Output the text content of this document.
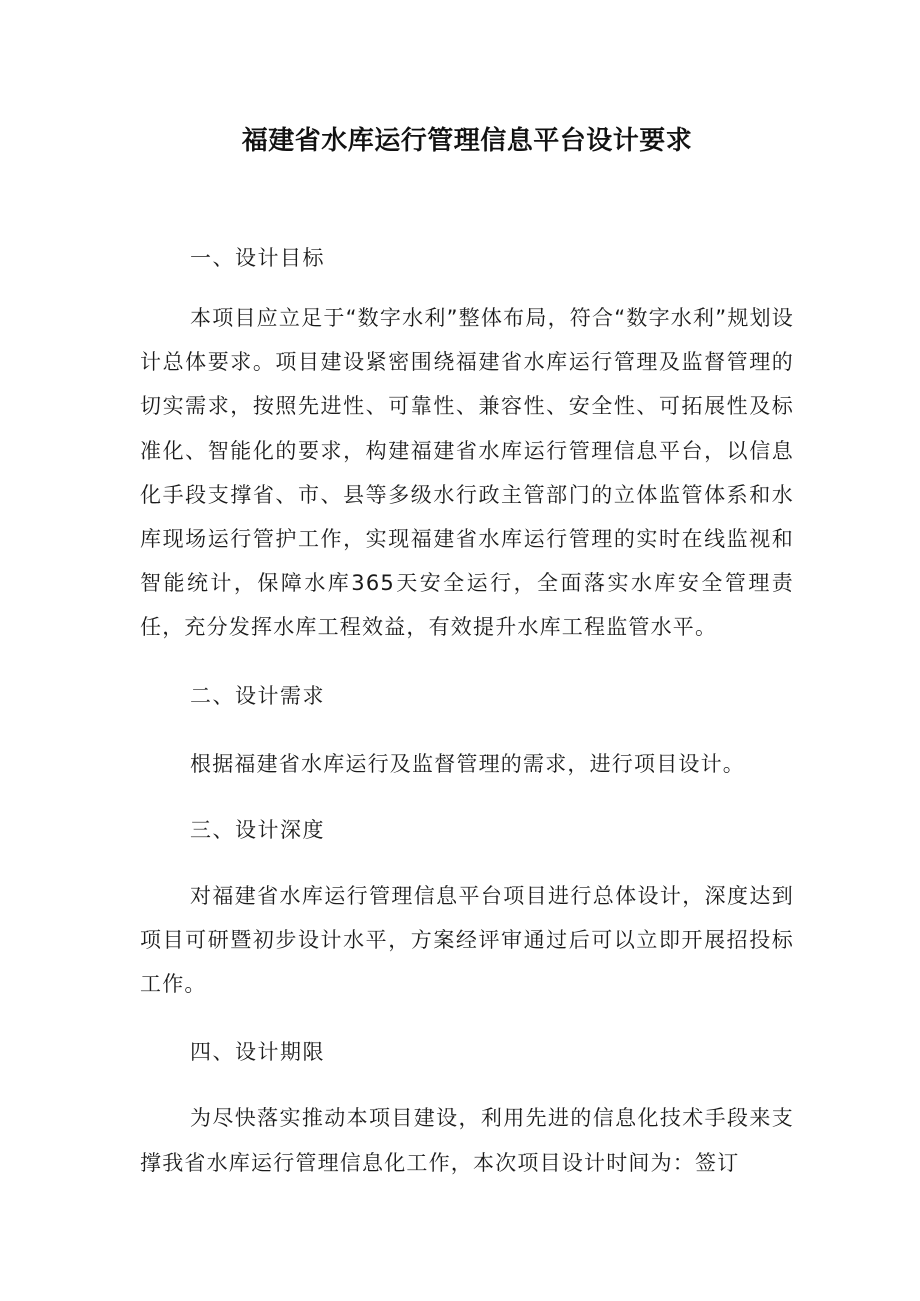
福建省水库运行管理信息平台设计要求
一、设计目标

本项目应立足于“数字水利”整体布局，符合“数字水利”规划设计总体要求。项目建设紧密围绕福建省水库运行管理及监督管理的切实需求，按照先进性、可靠性、兼容性、安全性、可拓展性及标准化、智能化的要求，构建福建省水库运行管理信息平台，以信息化手段支撑省、市、县等多级水行政主管部门的立体监管体系和水库现场运行管护工作，实现福建省水库运行管理的实时在线监视和智能统计，保障水库365天安全运行，全面落实水库安全管理责任，充分发挥水库工程效益，有效提升水库工程监管水平。

二、设计需求

根据福建省水库运行及监督管理的需求，进行项目设计。

三、设计深度

对福建省水库运行管理信息平台项目进行总体设计，深度达到项目可研暨初步设计水平，方案经评审通过后可以立即开展招投标工作。

四、设计期限

为尽快落实推动本项目建设，利用先进的信息化技术手段来支撑我省水库运行管理信息化工作，本次项目设计时间为：签订
